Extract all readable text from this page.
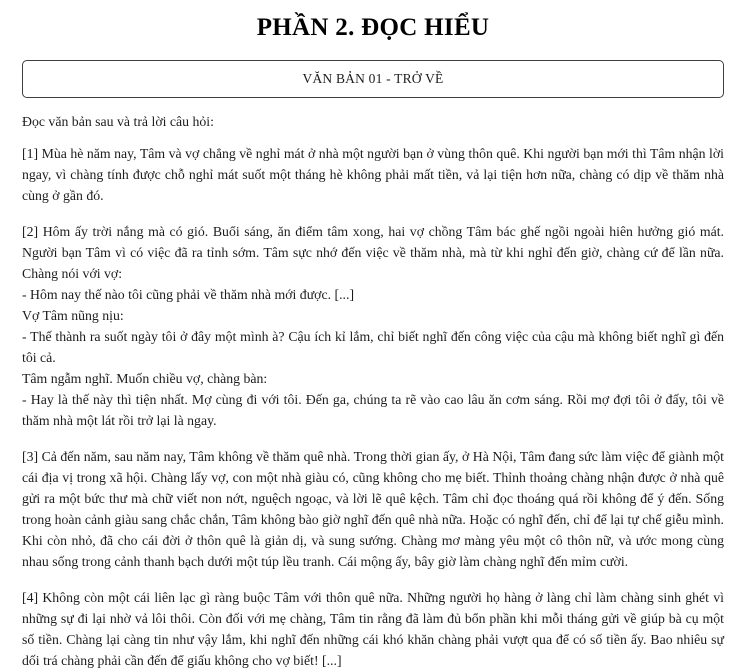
PHẦN 2. ĐỌC HIỂU
VĂN BẢN 01 - TRỞ VỀ

Đọc văn bản sau và trả lời câu hỏi:

[1] Mùa hè năm nay, Tâm và vợ chẳng về nghỉ mát ở nhà một người bạn ở vùng thôn quê. Khi người bạn mới thì Tâm nhận lời ngay, vì chàng tính được chỗ nghỉ mát suốt một tháng hè không phải mất tiền, vả lại tiện hơn nữa, chàng có dịp về thăm nhà cùng ở gần đó.

[2] Hôm ấy trời nắng mà có gió. Buổi sáng, ăn điểm tâm xong, hai vợ chồng Tâm bác ghế ngồi ngoài hiên hưởng gió mát. Người bạn Tâm vì có việc đã ra tỉnh sớm. Tâm sực nhớ đến việc về thăm nhà, mà từ khi nghỉ đến giờ, chàng cứ để lần nữa. Chàng nói với vợ:

- Hôm nay thế nào tôi cũng phải về thăm nhà mới được. [...]

Vợ Tâm nũng nịu:

- Thế thành ra suốt ngày tôi ở đây một mình à? Cậu ích kỉ lắm, chỉ biết nghĩ đến công việc của cậu mà không biết nghĩ gì đến tôi cả.

Tâm ngẫm nghĩ. Muốn chiều vợ, chàng bàn:

- Hay là thế này thì tiện nhất. Mợ cùng đi với tôi. Đến ga, chúng ta rẽ vào cao lâu ăn cơm sáng. Rồi mợ đợi tôi ở đấy, tôi về thăm nhà một lát rồi trở lại là ngay.

[3] Cả đến năm, sau năm nay, Tâm không về thăm quê nhà. Trong thời gian ấy, ở Hà Nội, Tâm đang sức làm việc để giành một cái địa vị trong xã hội. Chàng lấy vợ, con một nhà giàu có, cũng không cho mẹ biết. Thỉnh thoảng chàng nhận được ở nhà quê gửi ra một bức thư mà chữ viết non nớt, nguệch ngoạc, và lời lẽ quê kệch. Tâm chỉ đọc thoáng quá rồi không để ý đến. Sống trong hoàn cảnh giàu sang chắc chắn, Tâm không bào giờ nghĩ đến quê nhà nữa. Hoặc có nghĩ đến, chỉ để lại tự chế giễu mình. Khi còn nhỏ, đã cho cái đời ở thôn quê là giản dị, và sung sướng. Chàng mơ màng yêu một cô thôn nữ, và ước mong cùng nhau sống trong cảnh thanh bạch dưới một túp lều tranh. Cái mộng ấy, bây giờ làm chàng nghĩ đến mỉm cười.

[4] Không còn một cái liên lạc gì ràng buộc Tâm với thôn quê nữa. Những người họ hàng ở làng chỉ làm chàng sinh ghét vì những sự đi lại nhờ vả lôi thôi. Còn đối với mẹ chàng, Tâm tin rằng đã làm đủ bổn phần khi mỗi tháng gửi về giúp bà cụ một số tiền. Chàng lại càng tin như vậy lắm, khi nghĩ đến những cái khó khăn chàng phải vượt qua để có số tiền ấy. Bao nhiêu sự dối trá chàng phải cần đến để giấu không cho vợ biết! [...]
